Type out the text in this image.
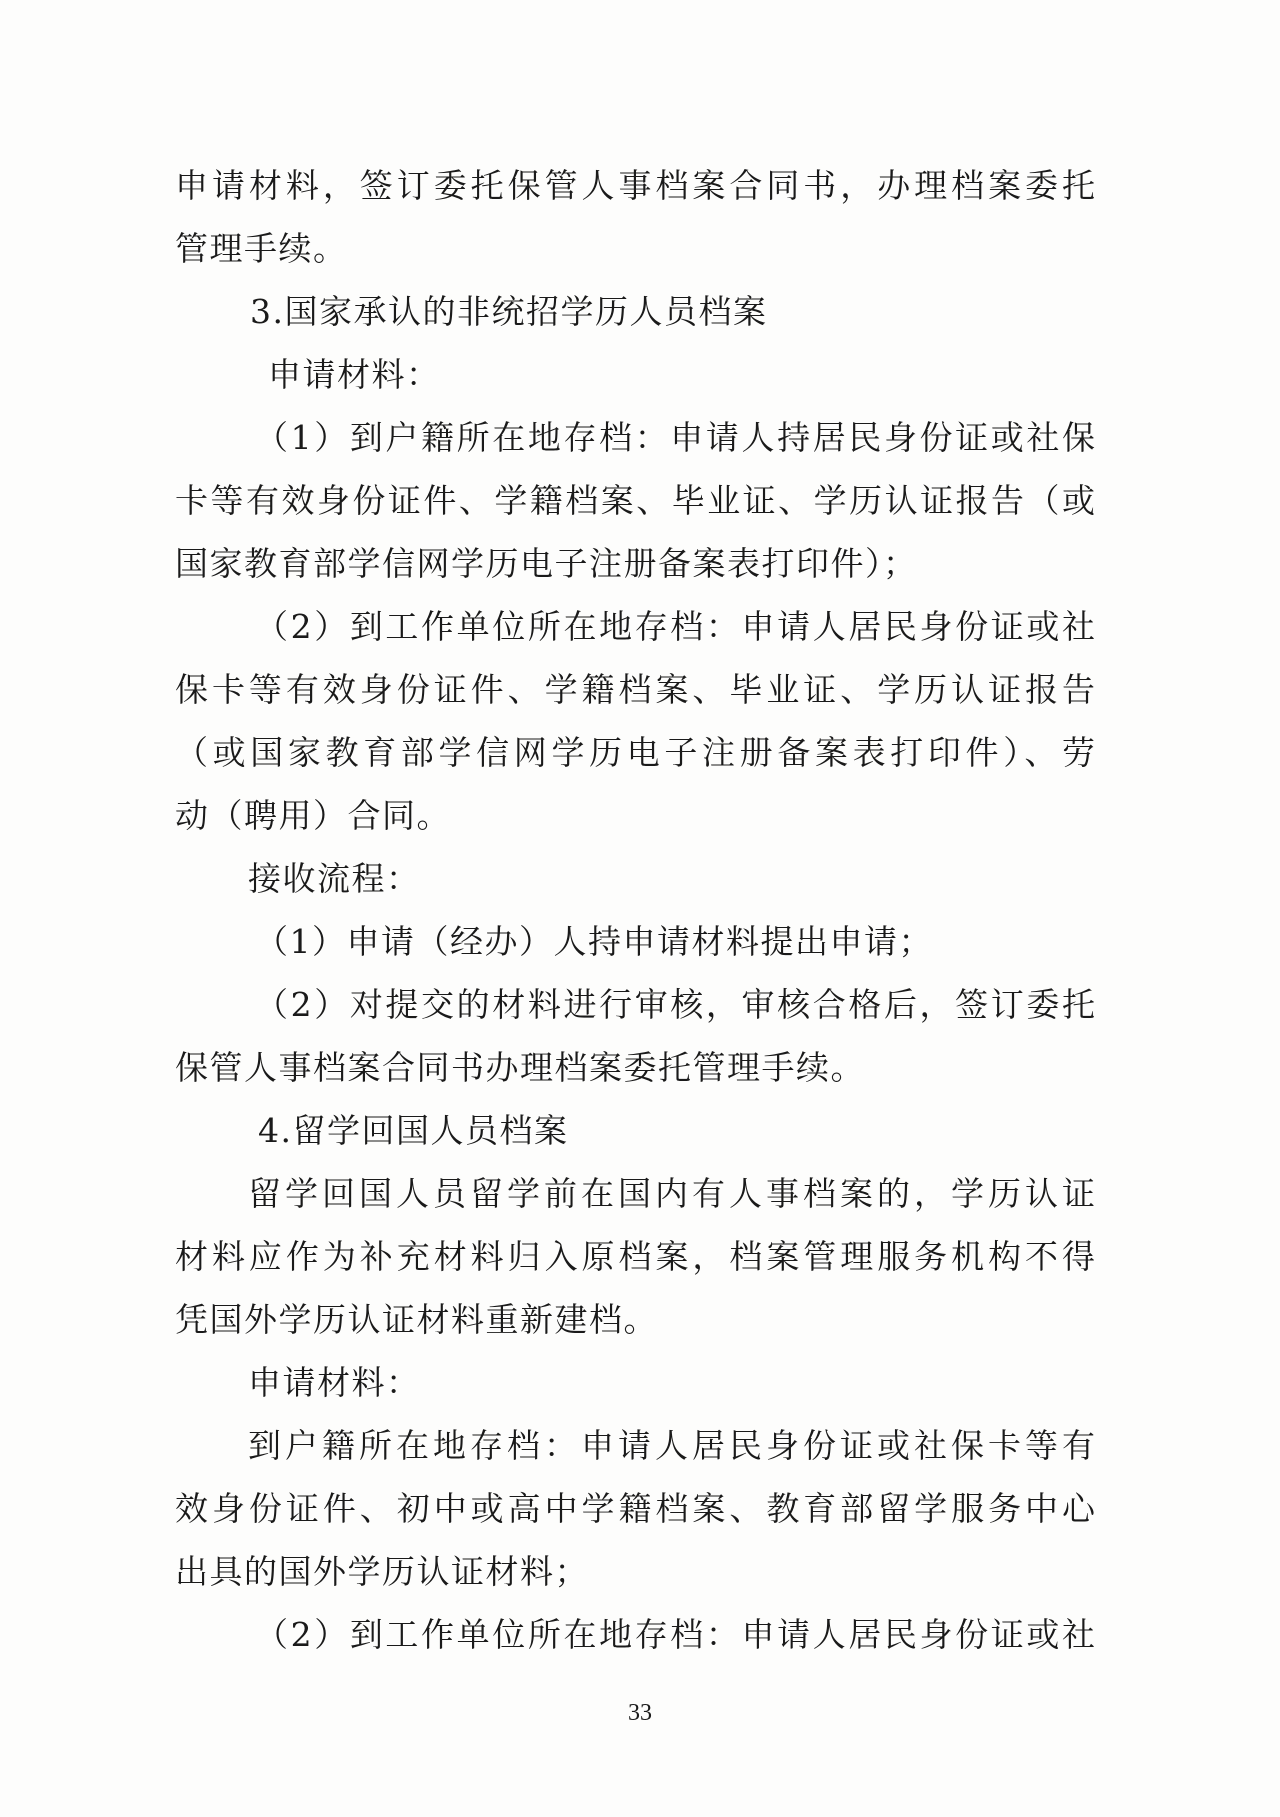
申请材料，签订委托保管人事档案合同书，办理档案委托
管理手续。
3.国家承认的非统招学历人员档案
申请材料：
（1）到户籍所在地存档：申请人持居民身份证或社保
卡等有效身份证件、学籍档案、毕业证、学历认证报告（或
国家教育部学信网学历电子注册备案表打印件）；
（2）到工作单位所在地存档：申请人居民身份证或社
保卡等有效身份证件、学籍档案、毕业证、学历认证报告
（或国家教育部学信网学历电子注册备案表打印件）、劳
动（聘用）合同。
接收流程：
（1）申请（经办）人持申请材料提出申请；
（2）对提交的材料进行审核，审核合格后，签订委托
保管人事档案合同书办理档案委托管理手续。
4.留学回国人员档案
留学回国人员留学前在国内有人事档案的，学历认证
材料应作为补充材料归入原档案，档案管理服务机构不得
凭国外学历认证材料重新建档。
申请材料：
到户籍所在地存档：申请人居民身份证或社保卡等有
效身份证件、初中或高中学籍档案、教育部留学服务中心
出具的国外学历认证材料；
（2）到工作单位所在地存档：申请人居民身份证或社
33
